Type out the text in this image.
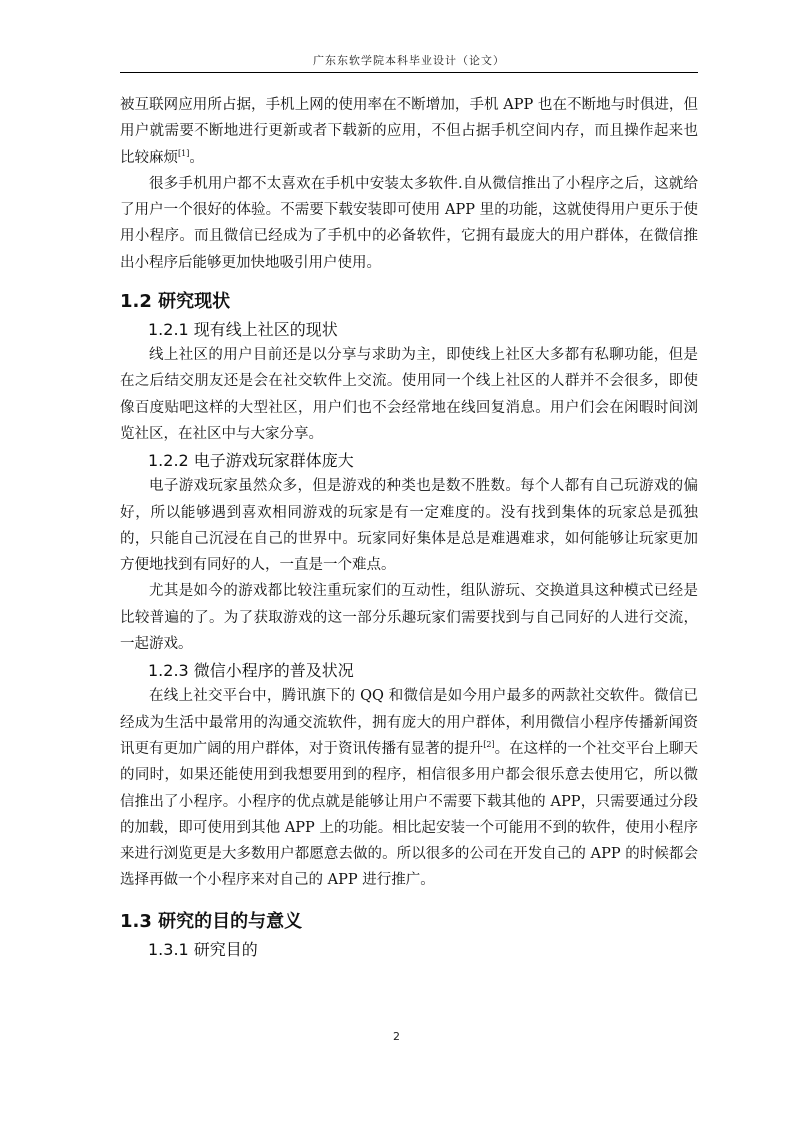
广东东软学院本科毕业设计（论文）

被互联网应用所占据，手机上网的使用率在不断增加，手机 APP 也在不断地与时俱进，但用户就需要不断地进行更新或者下载新的应用，不但占据手机空间内存，而且操作起来也比较麻烦[1]。

很多手机用户都不太喜欢在手机中安装太多软件.自从微信推出了小程序之后，这就给了用户一个很好的体验。不需要下载安装即可使用 APP 里的功能，这就使得用户更乐于使用小程序。而且微信已经成为了手机中的必备软件，它拥有最庞大的用户群体，在微信推出小程序后能够更加快地吸引用户使用。

1.2 研究现状
1.2.1 现有线上社区的现状

线上社区的用户目前还是以分享与求助为主，即使线上社区大多都有私聊功能，但是在之后结交朋友还是会在社交软件上交流。使用同一个线上社区的人群并不会很多，即使像百度贴吧这样的大型社区，用户们也不会经常地在线回复消息。用户们会在闲暇时间浏览社区，在社区中与大家分享。

1.2.2 电子游戏玩家群体庞大

电子游戏玩家虽然众多，但是游戏的种类也是数不胜数。每个人都有自己玩游戏的偏好，所以能够遇到喜欢相同游戏的玩家是有一定难度的。没有找到集体的玩家总是孤独的，只能自己沉浸在自己的世界中。玩家同好集体是总是难遇难求，如何能够让玩家更加方便地找到有同好的人，一直是一个难点。

尤其是如今的游戏都比较注重玩家们的互动性，组队游玩、交换道具这种模式已经是比较普遍的了。为了获取游戏的这一部分乐趣玩家们需要找到与自己同好的人进行交流，一起游戏。

1.2.3 微信小程序的普及状况

在线上社交平台中，腾讯旗下的 QQ 和微信是如今用户最多的两款社交软件。微信已经成为生活中最常用的沟通交流软件，拥有庞大的用户群体，利用微信小程序传播新闻资讯更有更加广阔的用户群体，对于资讯传播有显著的提升[2]。在这样的一个社交平台上聊天的同时，如果还能使用到我想要用到的程序，相信很多用户都会很乐意去使用它，所以微信推出了小程序。小程序的优点就是能够让用户不需要下载其他的 APP，只需要通过分段的加载，即可使用到其他 APP 上的功能。相比起安装一个可能用不到的软件，使用小程序来进行浏览更是大多数用户都愿意去做的。所以很多的公司在开发自己的 APP 的时候都会选择再做一个小程序来对自己的 APP 进行推广。

1.3 研究的目的与意义
1.3.1 研究目的
2
